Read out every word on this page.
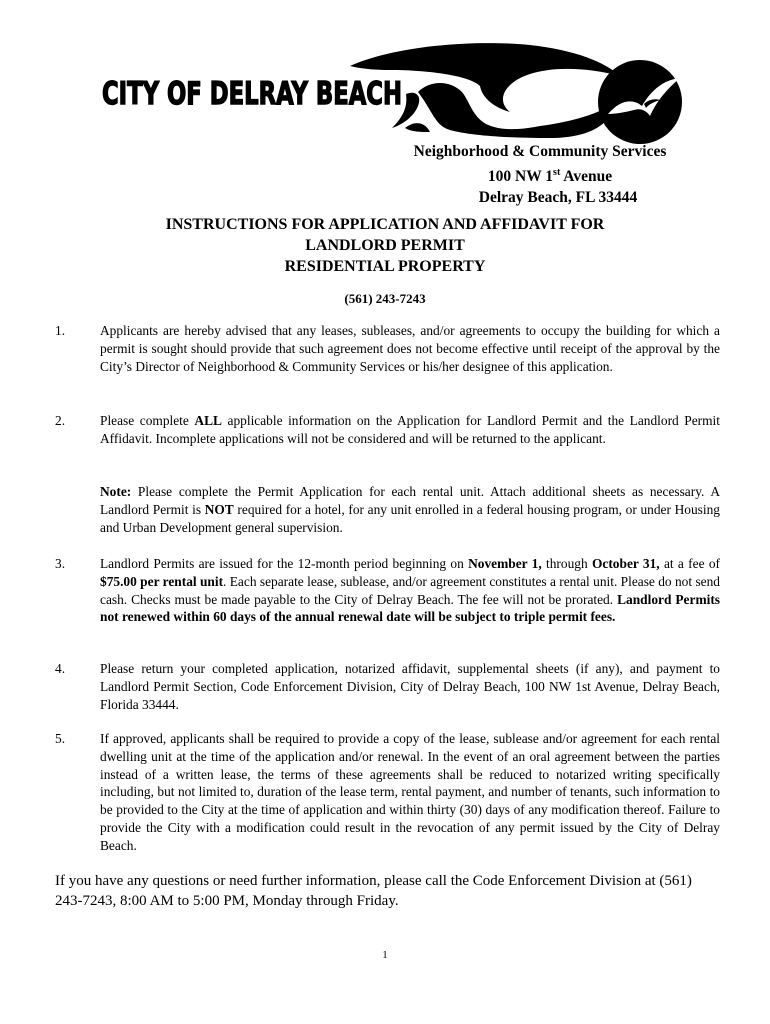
CITY OF DELRAY BEACH
Neighborhood & Community Services
100 NW 1st Avenue
Delray Beach, FL 33444
INSTRUCTIONS FOR APPLICATION AND AFFIDAVIT FOR
LANDLORD PERMIT
RESIDENTIAL PROPERTY
(561) 243-7243
1.	Applicants are hereby advised that any leases, subleases, and/or agreements to occupy the building for which a permit is sought should provide that such agreement does not become effective until receipt of the approval by the City’s Director of Neighborhood & Community Services or his/her designee of this application.
2.	Please complete ALL applicable information on the Application for Landlord Permit and the Landlord Permit Affidavit. Incomplete applications will not be considered and will be returned to the applicant.
Note: Please complete the Permit Application for each rental unit. Attach additional sheets as necessary. A Landlord Permit is NOT required for a hotel, for any unit enrolled in a federal housing program, or under Housing and Urban Development general supervision.
3.	Landlord Permits are issued for the 12-month period beginning on November 1, through October 31, at a fee of $75.00 per rental unit. Each separate lease, sublease, and/or agreement constitutes a rental unit. Please do not send cash. Checks must be made payable to the City of Delray Beach. The fee will not be prorated. Landlord Permits not renewed within 60 days of the annual renewal date will be subject to triple permit fees.
4.	Please return your completed application, notarized affidavit, supplemental sheets (if any), and payment to Landlord Permit Section, Code Enforcement Division, City of Delray Beach, 100 NW 1st Avenue, Delray Beach, Florida 33444.
5.	If approved, applicants shall be required to provide a copy of the lease, sublease and/or agreement for each rental dwelling unit at the time of the application and/or renewal. In the event of an oral agreement between the parties instead of a written lease, the terms of these agreements shall be reduced to notarized writing specifically including, but not limited to, duration of the lease term, rental payment, and number of tenants, such information to be provided to the City at the time of application and within thirty (30) days of any modification thereof. Failure to provide the City with a modification could result in the revocation of any permit issued by the City of Delray Beach.
If you have any questions or need further information, please call the Code Enforcement Division at (561) 243-7243, 8:00 AM to 5:00 PM, Monday through Friday.
1
